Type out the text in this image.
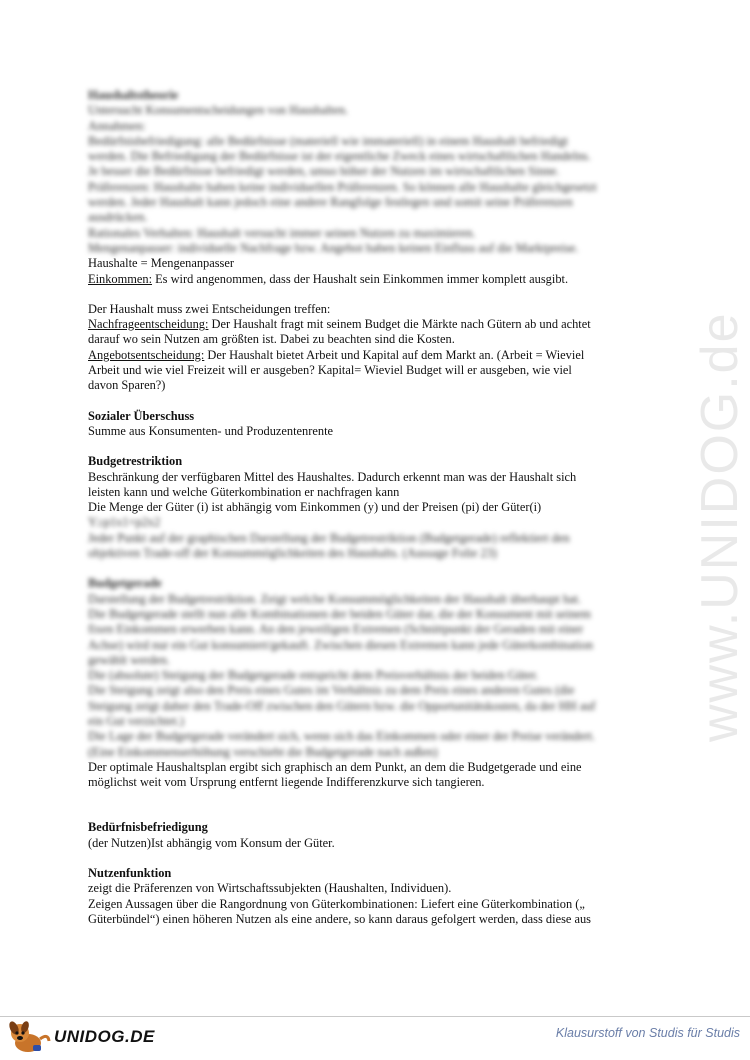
Haushaltstheorie
Untersucht Konsumentscheidungen von Haushalten.
Annahmen:
Bedürfnisbefriedigung: alle Bedürfnisse (materiell wie immateriell) in einem Haushalt befriedigt
werden. Die Befriedigung der Bedürfnisse ist der eigentliche Zweck eines wirtschaftlichen Handelns.
Je besser die Bedürfnisse befriedigt werden, umso höher der Nutzen im wirtschaftlichen Sinne.
Präferenzen: Haushalte haben keine individuellen Präferenzen. So können alle Haushalte gleichgesetzt
werden. Jeder Haushalt kann jedoch eine andere Rangfolge festlegen und somit seine Präferenzen
ausdrücken.
Rationales Verhalten: Haushalt versucht immer seinen Nutzen zu maximieren.
Mengenanpasser: individuelle Nachfrage bzw. Angebot haben keinen Einfluss auf die Marktpreise.
Haushalte = Mengenanpasser
Einkommen: Es wird angenommen, dass der Haushalt sein Einkommen immer komplett ausgibt.
Der Haushalt muss zwei Entscheidungen treffen:
Nachfrageentscheidung: Der Haushalt fragt mit seinem Budget die Märkte nach Gütern ab und achtet
darauf wo sein Nutzen am größten ist. Dabei zu beachten sind die Kosten.
Angebotsentscheidung: Der Haushalt bietet Arbeit und Kapital auf dem Markt an. (Arbeit = Wieviel
Arbeit und wie viel Freizeit will er ausgeben? Kapital= Wieviel Budget will er ausgeben, wie viel
davon Sparen?)
Sozialer Überschuss
Summe aus Konsumenten- und Produzentenrente
Budgetrestriktion
Beschränkung der verfügbaren Mittel des Haushaltes. Dadurch erkennt man was der Haushalt sich
leisten kann und welche Güterkombination er nachfragen kann
Die Menge der Güter (i) ist abhängig vom Einkommen (y) und der Preisen (pi) der Güter(i)
Y≥p1x1+p2x2
Jeder Punkt auf der graphischen Darstellung der Budgetrestriktion (Budgetgerade) reflektiert den
objektiven Trade-off der Konsummöglichkeiten des Haushalts. (Aussage Folie 23)
Budgetgerade
Darstellung der Budgetrestriktion. Zeigt welche Konsummöglichkeiten der Haushalt überhaupt hat.
Die Budgetgerade stellt nun alle Kombinationen der beiden Güter dar, die der Konsument mit seinem
fixen Einkommen erwerben kann. An den jeweiligen Extremen (Schnittpunkt der Geraden mit einer
Achse) wird nur ein Gut konsumiert/gekauft. Zwischen diesen Extremen kann jede Güterkombination
gewählt werden.
Die (absolute) Steigung der Budgetgerade entspricht dem Preisverhältnis der beiden Güter.
Die Steigung zeigt also den Preis eines Gutes im Verhältnis zu dem Preis eines anderen Gutes (die
Steigung zeigt daher den Trade-Off zwischen den Gütern bzw. die Opportunitätskosten, da der HH auf
ein Gut verzichtet.)
Die Lage der Budgetgerade verändert sich, wenn sich das Einkommen oder einer der Preise verändert.
(Eine Einkommenserhöhung verschiebt die Budgetgerade nach außen)
Der optimale Haushaltsplan ergibt sich graphisch an dem Punkt, an dem die Budgetgerade und eine
möglichst weit vom Ursprung entfernt liegende Indifferenzkurve sich tangieren.
Bedürfnisbefriedigung
(der Nutzen)Ist abhängig vom Konsum der Güter.
Nutzenfunktion
zeigt die Präferenzen von Wirtschaftssubjekten (Haushalten, Individuen).
Zeigen Aussagen über die Rangordnung von Güterkombinationen: Liefert eine Güterkombination („
Güterbündel“) einen höheren Nutzen als eine andere, so kann daraus gefolgert werden, dass diese aus
www.UNIDOG.de
UNIDOG.DE	Klausurstoff von Studis für Studis
